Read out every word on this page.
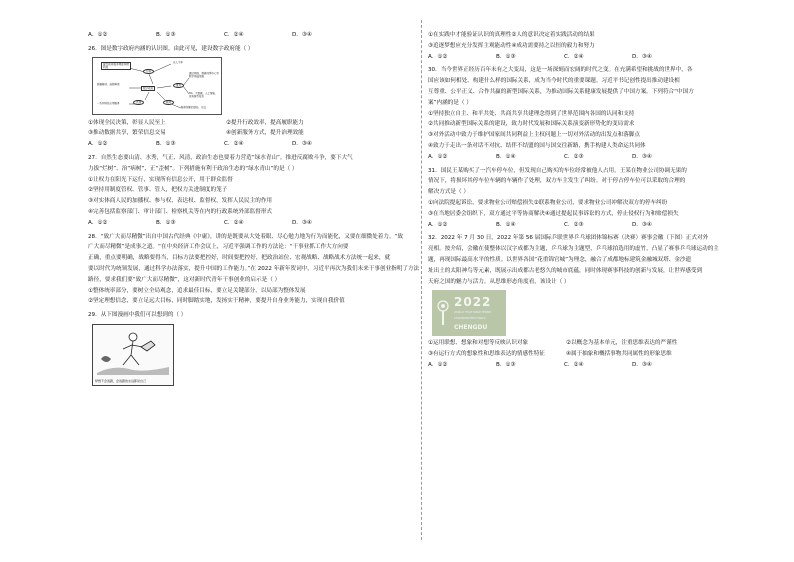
A．①②	B．①③	C．②④	D．③④

26．图是数字政府内涵的认识图。由此可见，建设数字政府能（ ）

提升政务服务效能和便利度
目标
以人为本
推进
通过网络、数据共享中心等数字基础设施
数据驱动、流程再造
数字政府
5G、大数据、人工智能、区块链等技术
一系列特色应用服务	表现	服务
服务创新的途径、方法
①体现全民决策，彰显人民至上	②提升行政效率，提高履职能力
③推动数据共享，繁荣信息交易	④创新服务方式，提升治理效能
A．①②	B．①③	C．②④	D．③④

27．自然生态要山清、水秀，气正、风清，政治生态也要着力营造“绿水青山”。推进反腐败斗争，要下大气

力拔“烂树”、治“病树”、正“歪树”。下列措施有利于政治生态的“绿水青山”的是（ ）

①让权力在阳光下运行，实现所有信息公开，用于群众监督

②坚持用制度管权、管事、管人，把权力关进制度的笼子

③对实体商人民的加播权、参与权、表达权、监督权，发挥人民民主的作用

④完善包括监察部门、审计部门、检察机关等在内的行政系统外部监督形式

A．①②	B．①③	C．②④	D．③④

28．“致广大而尽精微”出自中国古代经典《中庸》，讲的是既要从大处着眼、尽心勉力地为行为而能化，又要在细微处着力。“致

广大而尽精微”是成事之道。“在中央经济工作会议上，习近平强调工作的方法论：“干事业抓工作大方向要

正确，重点要明确，战略要得当，目标方法要把控好，时间要把控好，把政治站位、宏观战略、战略战术方法统一起来，就

要以时代为统领发展，通过科学办法落实，提升中国的工作能力。”在 2022 年新年贺词中，习近平再次为我们未来干事创业指明了方法

路径，要求我们要“致广大而尽精微”，这对新时代青年干事创业的启示是（ ）

①整体统率部分，要树立全局观念，追求最佳目标，要立足关键部分，以局部为整体发展

②坚定理想信念，要立足远大目标，同时脚踏实地，发扬实干精神，要提升自身业务能力，实现自我价值

29．从下图漫画中我们可以想到的（ ）

梦想不会逃跑，会逃跑的永远都是自己

①在实践中才能验证认识的真理性②人的意识决定着实践活动的结果

③追逐梦想应充分发挥主观能动性④成功需要持之以恒的毅力和努力

A．①②	B．①③	C．②④	D．③④

30．当今世界正经历百年未有之大变局，这是一场深刻而宏阔的时代之变。在充满希望和挑战的世界中，各

国应该如何相处、构建什么样的国际关系，成为当今时代的重要课题。习近平书记创性提出推动建设相

互尊重、公平正义、合作共赢的新型国际关系，为推动国际关系健康发展提供了中国方案。下列符合“中国方

案”内涵的是（ ）

①坚持独立自主、和平共处、共商共享共建理念得到了世界范围内各国的认同和支持

②共同推动新型国际关系的建设，致力时代发展和国际关系演变新形势化的变局需求

③对外活动中致力于维护国家间共同利益上主权问题上一切对外活动的出发点和落脚点

④致力于走出一条对话不对抗、结伴不结盟的国与国交往新路，携手构建人类命运共同体

A．①②	B．①④	C．②③	D．③④

31．国民王某购买了一汽车停车位，但发现自己购买的车位经常被他人占用。王某在物业公司协调无果的

情况下，将损坏其停车位车辆的车辆作了处理，双方车主发生了纠纷。对于停占停车位可以采取的合理的

解决方式是（ ）

①向法院提起诉讼，要求物业公司赔偿损失②联系物业公司，要求物业公司冲解决双方的停车纠纷

③在当地居委会组织下，双方通过平等协商解决④通过提起民事诉讼的方式，停止侵权行为和赔偿损失

A．①②	B．①④	C．②③	D．③④

32．2022 年 7 月 30 日，2022 年第 56 届国际乒联世界乒乓球团体锦标赛（决赛）赛事会徽（下图）正式对外

亮相。按介绍，会徽在使整体以汉字成都为主题，乒乓球为主题型，乒乓球拍选用的虚竹，凸显了赛事乒乓球运动的主

题，再现国际最高水平的性质。以世界各国“花重锦官城”为理念，融合了成都地标建筑金融城双塔、金沙遗

址出土的太阳神鸟等元素，既展示出成都古老悠久的城市底蕴，同时体现赛事科技的创新与发展，让世界感受到

天府之国的魅力与活力。从思维形态角度看，该设计（ ）

2022
WORLD TEAM TABLE TENNIS
CHAMPIONSHIPS FINALS
CHENGDU
①运用联想、想象和对想等反映认识对象	②以概念为基本单元，注重思维表达的严谨性
③有运行方式的想象性和思维表达的情感性特征	④属于抽象和概括事物共同属性的形象思维
A．①②	B．①③	C．②④	D．③④
